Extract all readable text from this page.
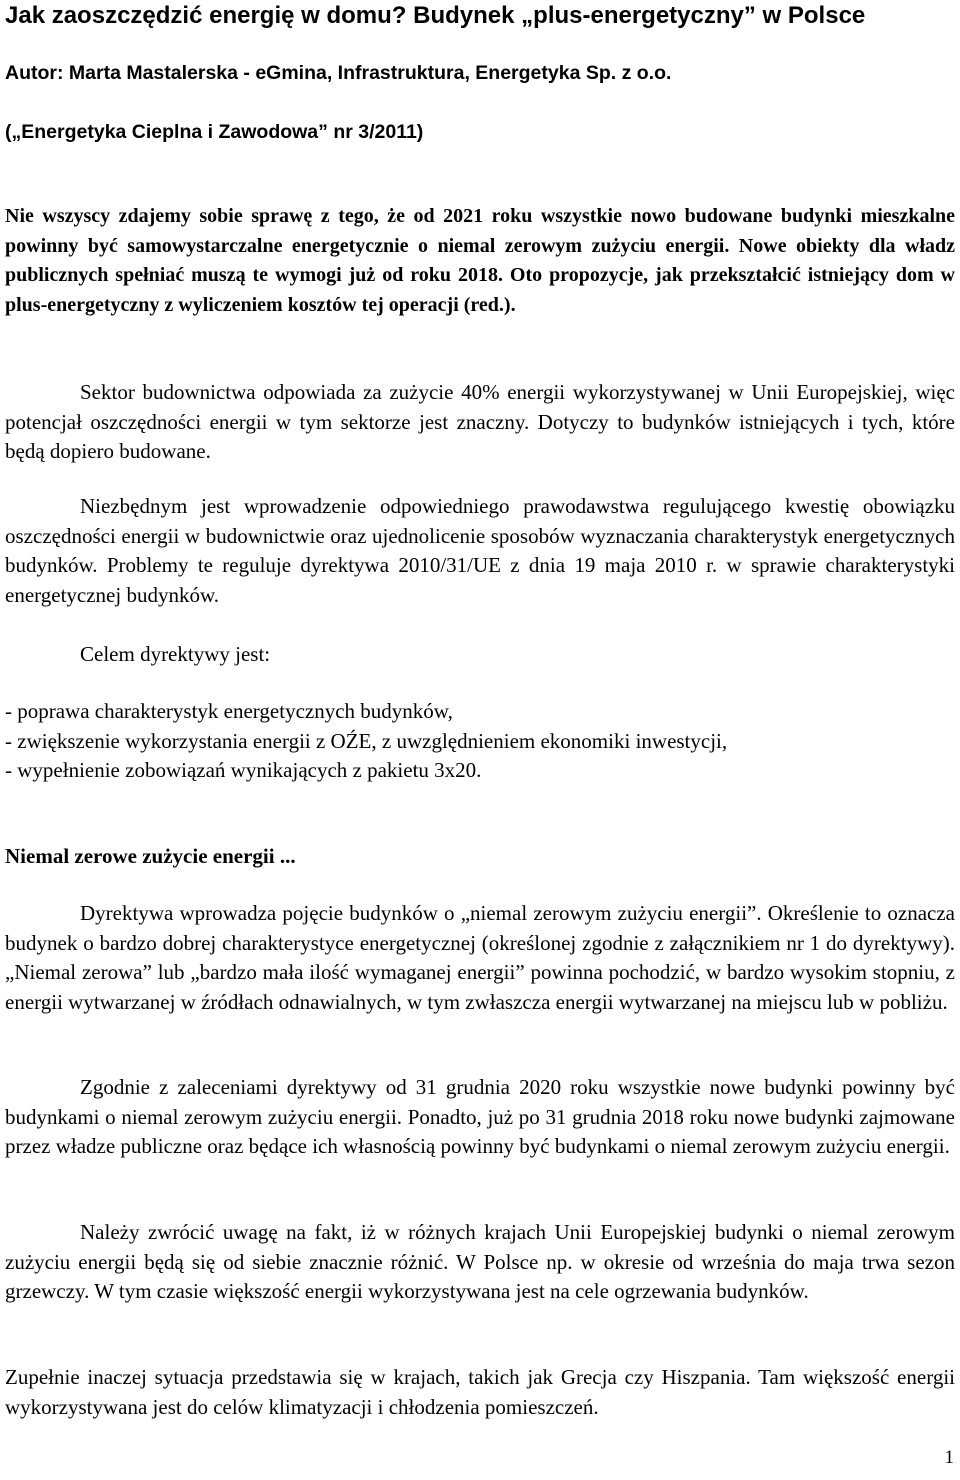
Jak zaoszczędzić energię w domu? Budynek „plus-energetyczny” w Polsce

Autor: Marta Mastalerska - eGmina, Infrastruktura, Energetyka Sp. z o.o.

(„Energetyka Cieplna i Zawodowa” nr 3/2011)

Nie wszyscy zdajemy sobie sprawę z tego, że od 2021 roku wszystkie nowo budowane budynki mieszkalne powinny być samowystarczalne energetycznie o niemal zerowym zużyciu energii. Nowe obiekty dla władz publicznych spełniać muszą te wymogi już od roku 2018. Oto propozycje, jak przekształcić istniejący dom w plus-energetyczny z wyliczeniem kosztów tej operacji (red.).

Sektor budownictwa odpowiada za zużycie 40% energii wykorzystywanej w Unii Europejskiej, więc potencjał oszczędności energii w tym sektorze jest znaczny. Dotyczy to budynków istniejących i tych, które będą dopiero budowane.

Niezbędnym jest wprowadzenie odpowiedniego prawodawstwa regulującego kwestię obowiązku oszczędności energii w budownictwie oraz ujednolicenie sposobów wyznaczania charakterystyk energetycznych budynków. Problemy te reguluje dyrektywa 2010/31/UE z dnia 19 maja 2010 r. w sprawie charakterystyki energetycznej budynków.

Celem dyrektywy jest:

- poprawa charakterystyk energetycznych budynków,
- zwiększenie wykorzystania energii z OŹE, z uwzględnieniem ekonomiki inwestycji,
- wypełnienie zobowiązań wynikających z pakietu 3x20.
Niemal zerowe zużycie energii ...

Dyrektywa wprowadza pojęcie budynków o „niemal zerowym zużyciu energii”. Określenie to oznacza budynek o bardzo dobrej charakterystyce energetycznej (określonej zgodnie z załącznikiem nr 1 do dyrektywy). „Niemal zerowa” lub „bardzo mała ilość wymaganej energii” powinna pochodzić, w bardzo wysokim stopniu, z energii wytwarzanej w źródłach odnawialnych, w tym zwłaszcza energii wytwarzanej na miejscu lub w pobliżu.

Zgodnie z zaleceniami dyrektywy od 31 grudnia 2020 roku wszystkie nowe budynki powinny być budynkami o niemal zerowym zużyciu energii. Ponadto, już po 31 grudnia 2018 roku nowe budynki zajmowane przez władze publiczne oraz będące ich własnością powinny być budynkami o niemal zerowym zużyciu energii.

Należy zwrócić uwagę na fakt, iż w różnych krajach Unii Europejskiej budynki o niemal zerowym zużyciu energii będą się od siebie znacznie różnić. W Polsce np. w okresie od września do maja trwa sezon grzewczy. W tym czasie większość energii wykorzystywana jest na cele ogrzewania budynków.

Zupełnie inaczej sytuacja przedstawia się w krajach, takich jak Grecja czy Hiszpania. Tam większość energii wykorzystywana jest do celów klimatyzacji i chłodzenia pomieszczeń.

1
